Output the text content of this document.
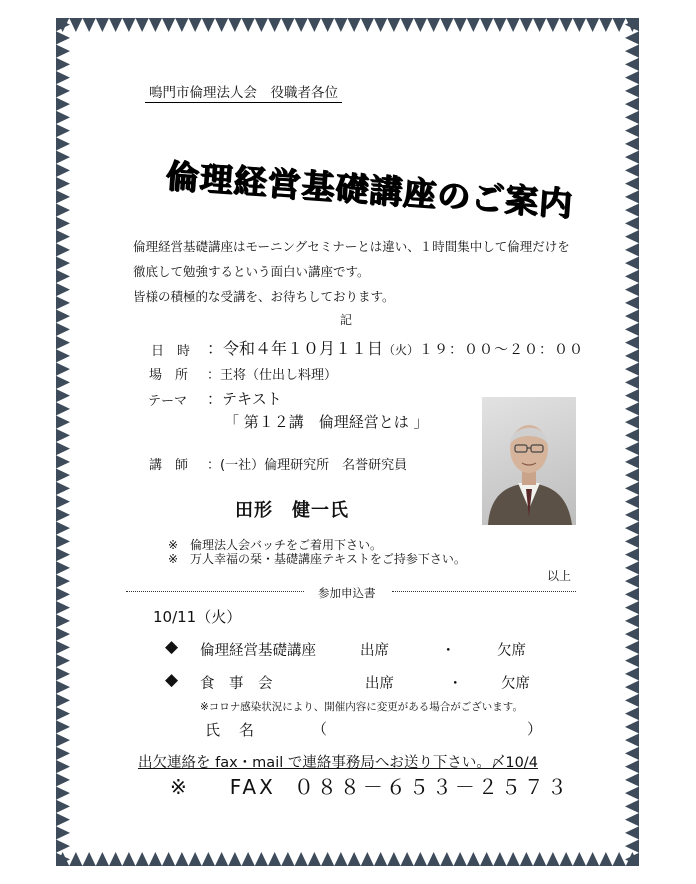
鳴門市倫理法人会　役職者各位
倫理経営基礎講座のご案内
倫理経営基礎講座はモーニングセミナーとは違い、１時間集中して倫理だけを
徹底して勉強するという面白い講座です。
皆様の積極的な受講を、お待ちしております。
記
日　時 ：令和４年１０月１１日（火）１９：００～２０：００
場　所 ：王将（仕出し料理）
テーマ ：テキスト
「 第１２講　倫理経営とは 」
講　師 ：(一社）倫理研究所　名誉研究員
田形　健一氏
※　倫理法人会バッチをご着用下さい。
※　万人幸福の栞・基礎講座テキストをご持参下さい。
以上
参加申込書
10/11（火）
◆ 倫理経営基礎講座	出席	・	欠席
◆ 食　事　会	出席	・	欠席
※コロナ感染状況により、開催内容に変更がある場合がございます。
氏　名	（	）
出欠連絡を fax・mail で連絡事務局へお送り下さい。〆10/4
※ FAX ０８８－６５３－２５７３
